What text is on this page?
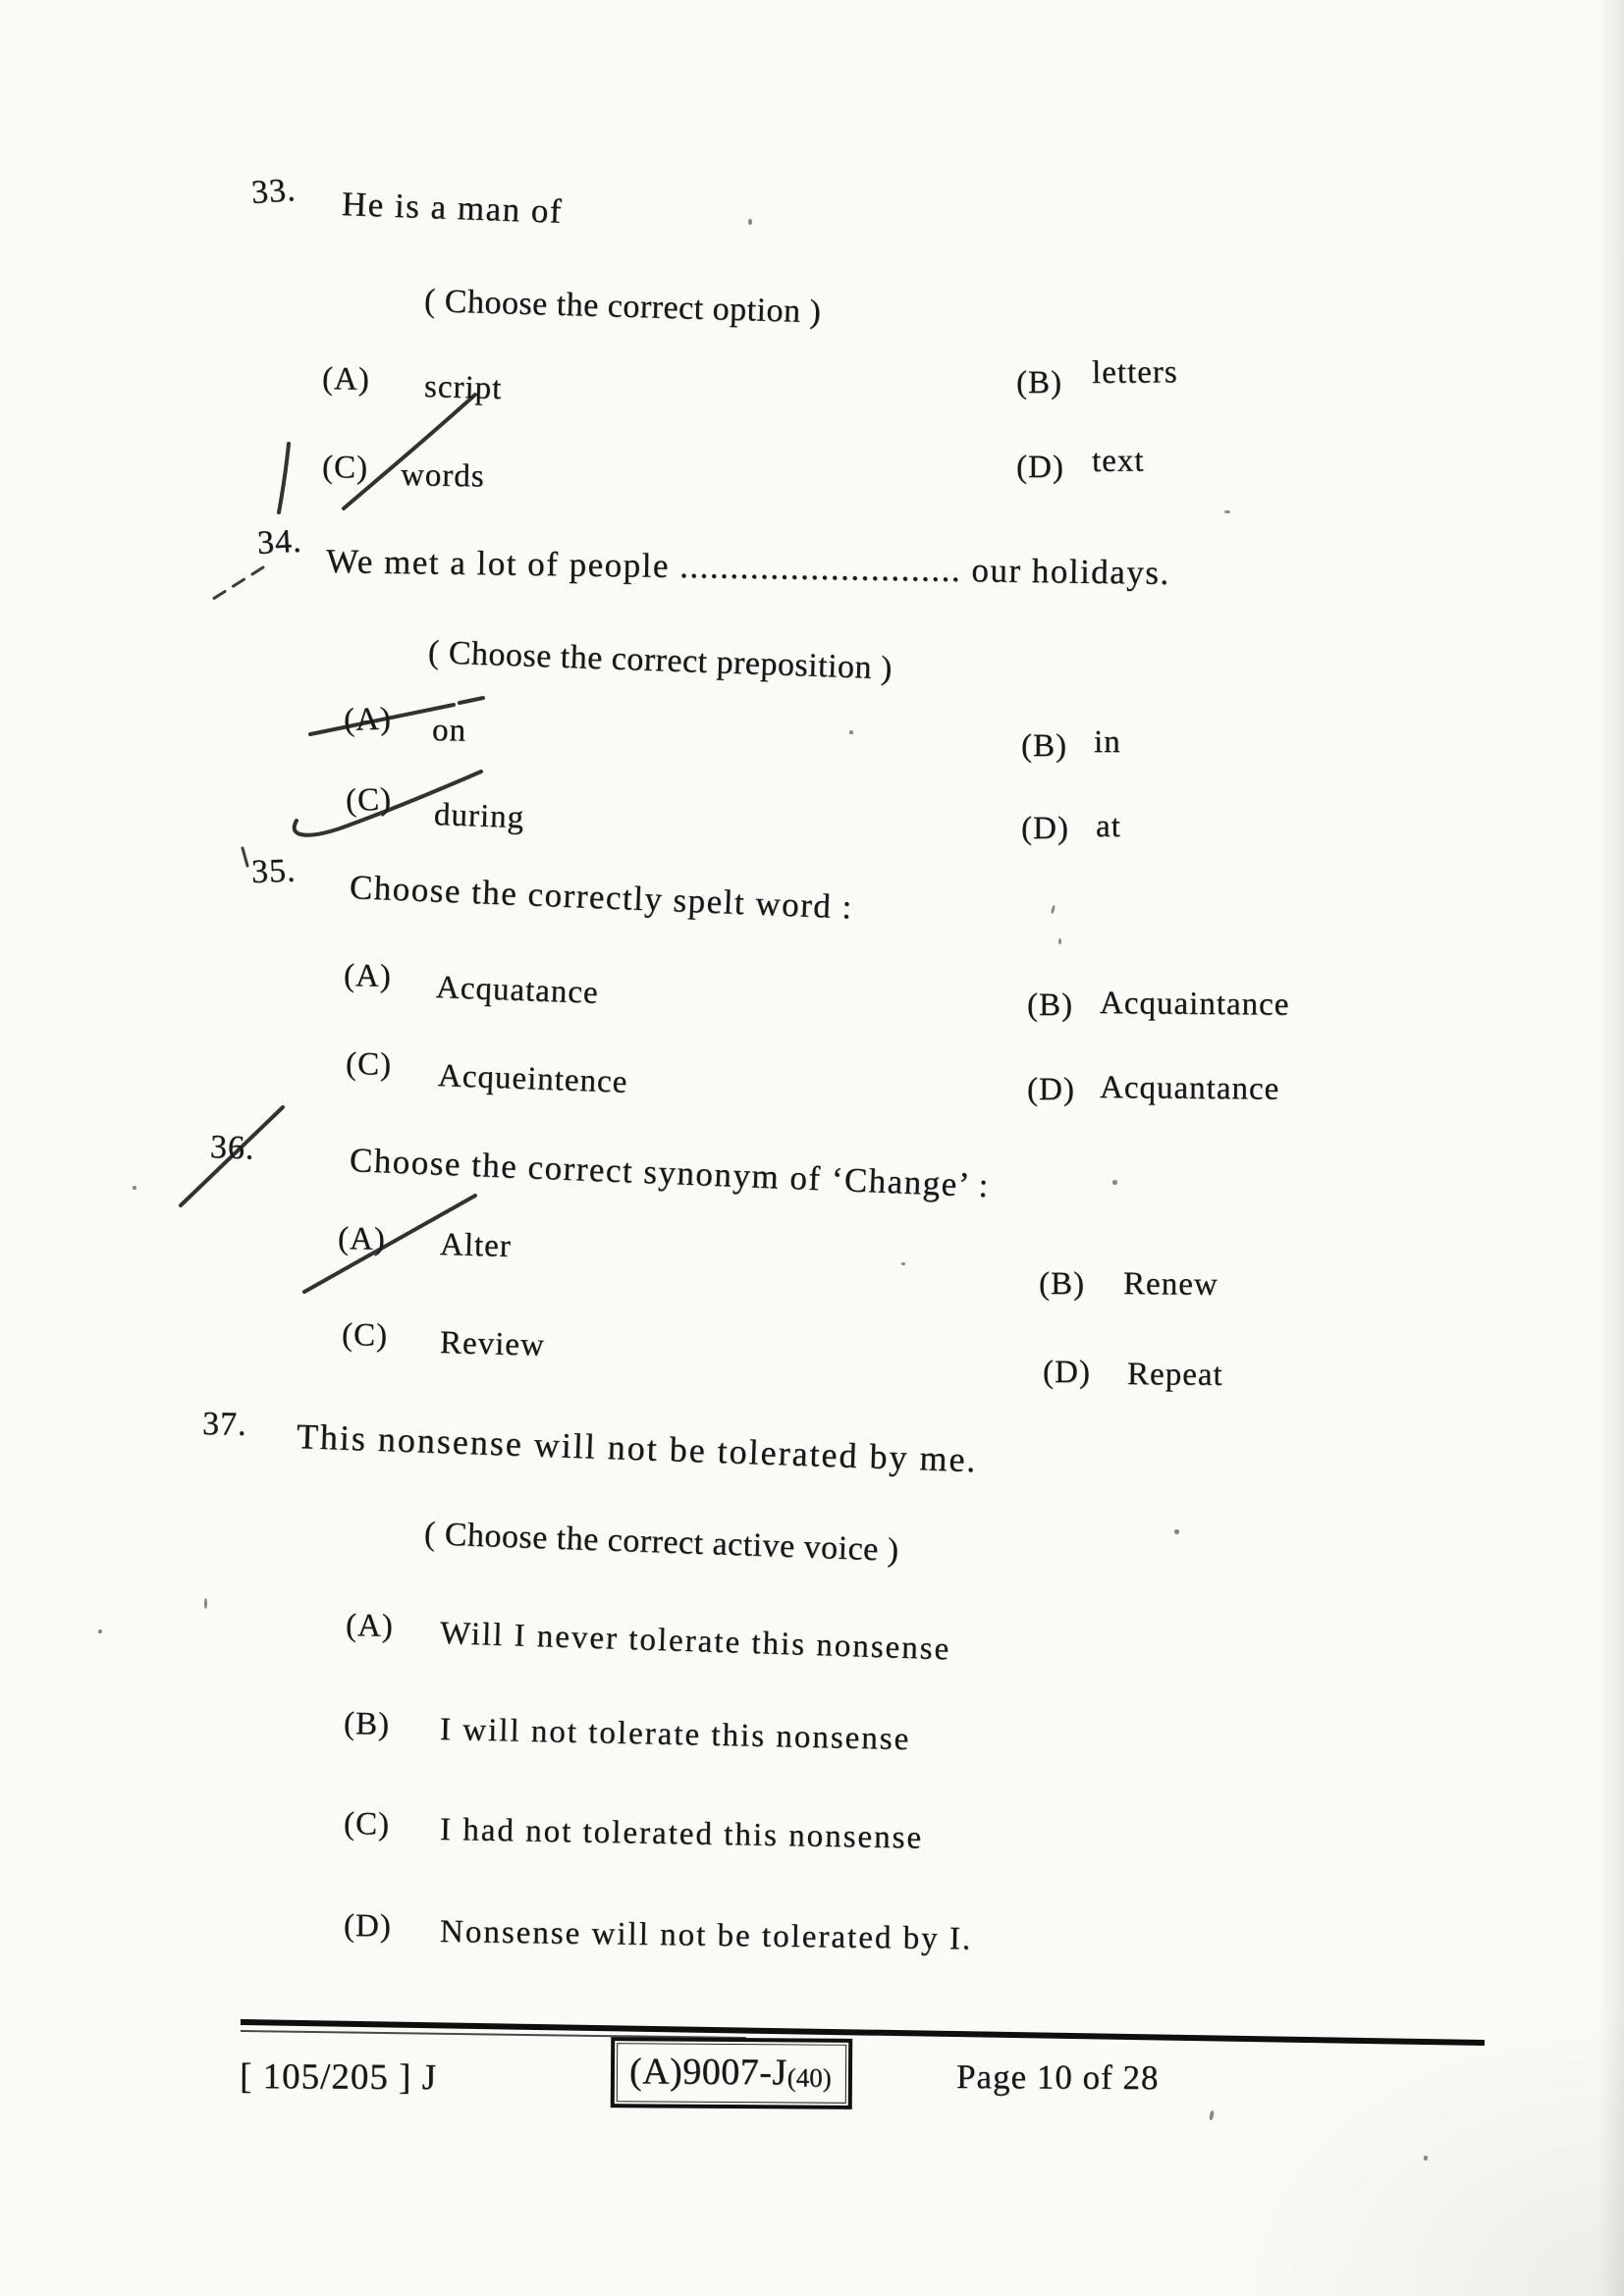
33. He is a man of
( Choose the correct option )
(A) script	(B) letters
(C) words	(D) text
34. We met a lot of people ............................ our holidays.
( Choose the correct preposition )
(A) on	(B) in
(C) during	(D) at
35. Choose the correctly spelt word :
(A) Acquatance	(B) Acquaintance
(C) Acqueintence	(D) Acquantance
36.	Choose the correct synonym of ‘Change’ :
(A) Alter
(B) Renew
(C) Review
(D) Repeat
37. This nonsense will not be tolerated by me.
( Choose the correct active voice )
(A) Will I never tolerate this nonsense
(B) I will not tolerate this nonsense
(C) I had not tolerated this nonsense
(D) Nonsense will not be tolerated by I.
[ 105/205 ] J	(A)9007-J(40)	Page 10 of 28
